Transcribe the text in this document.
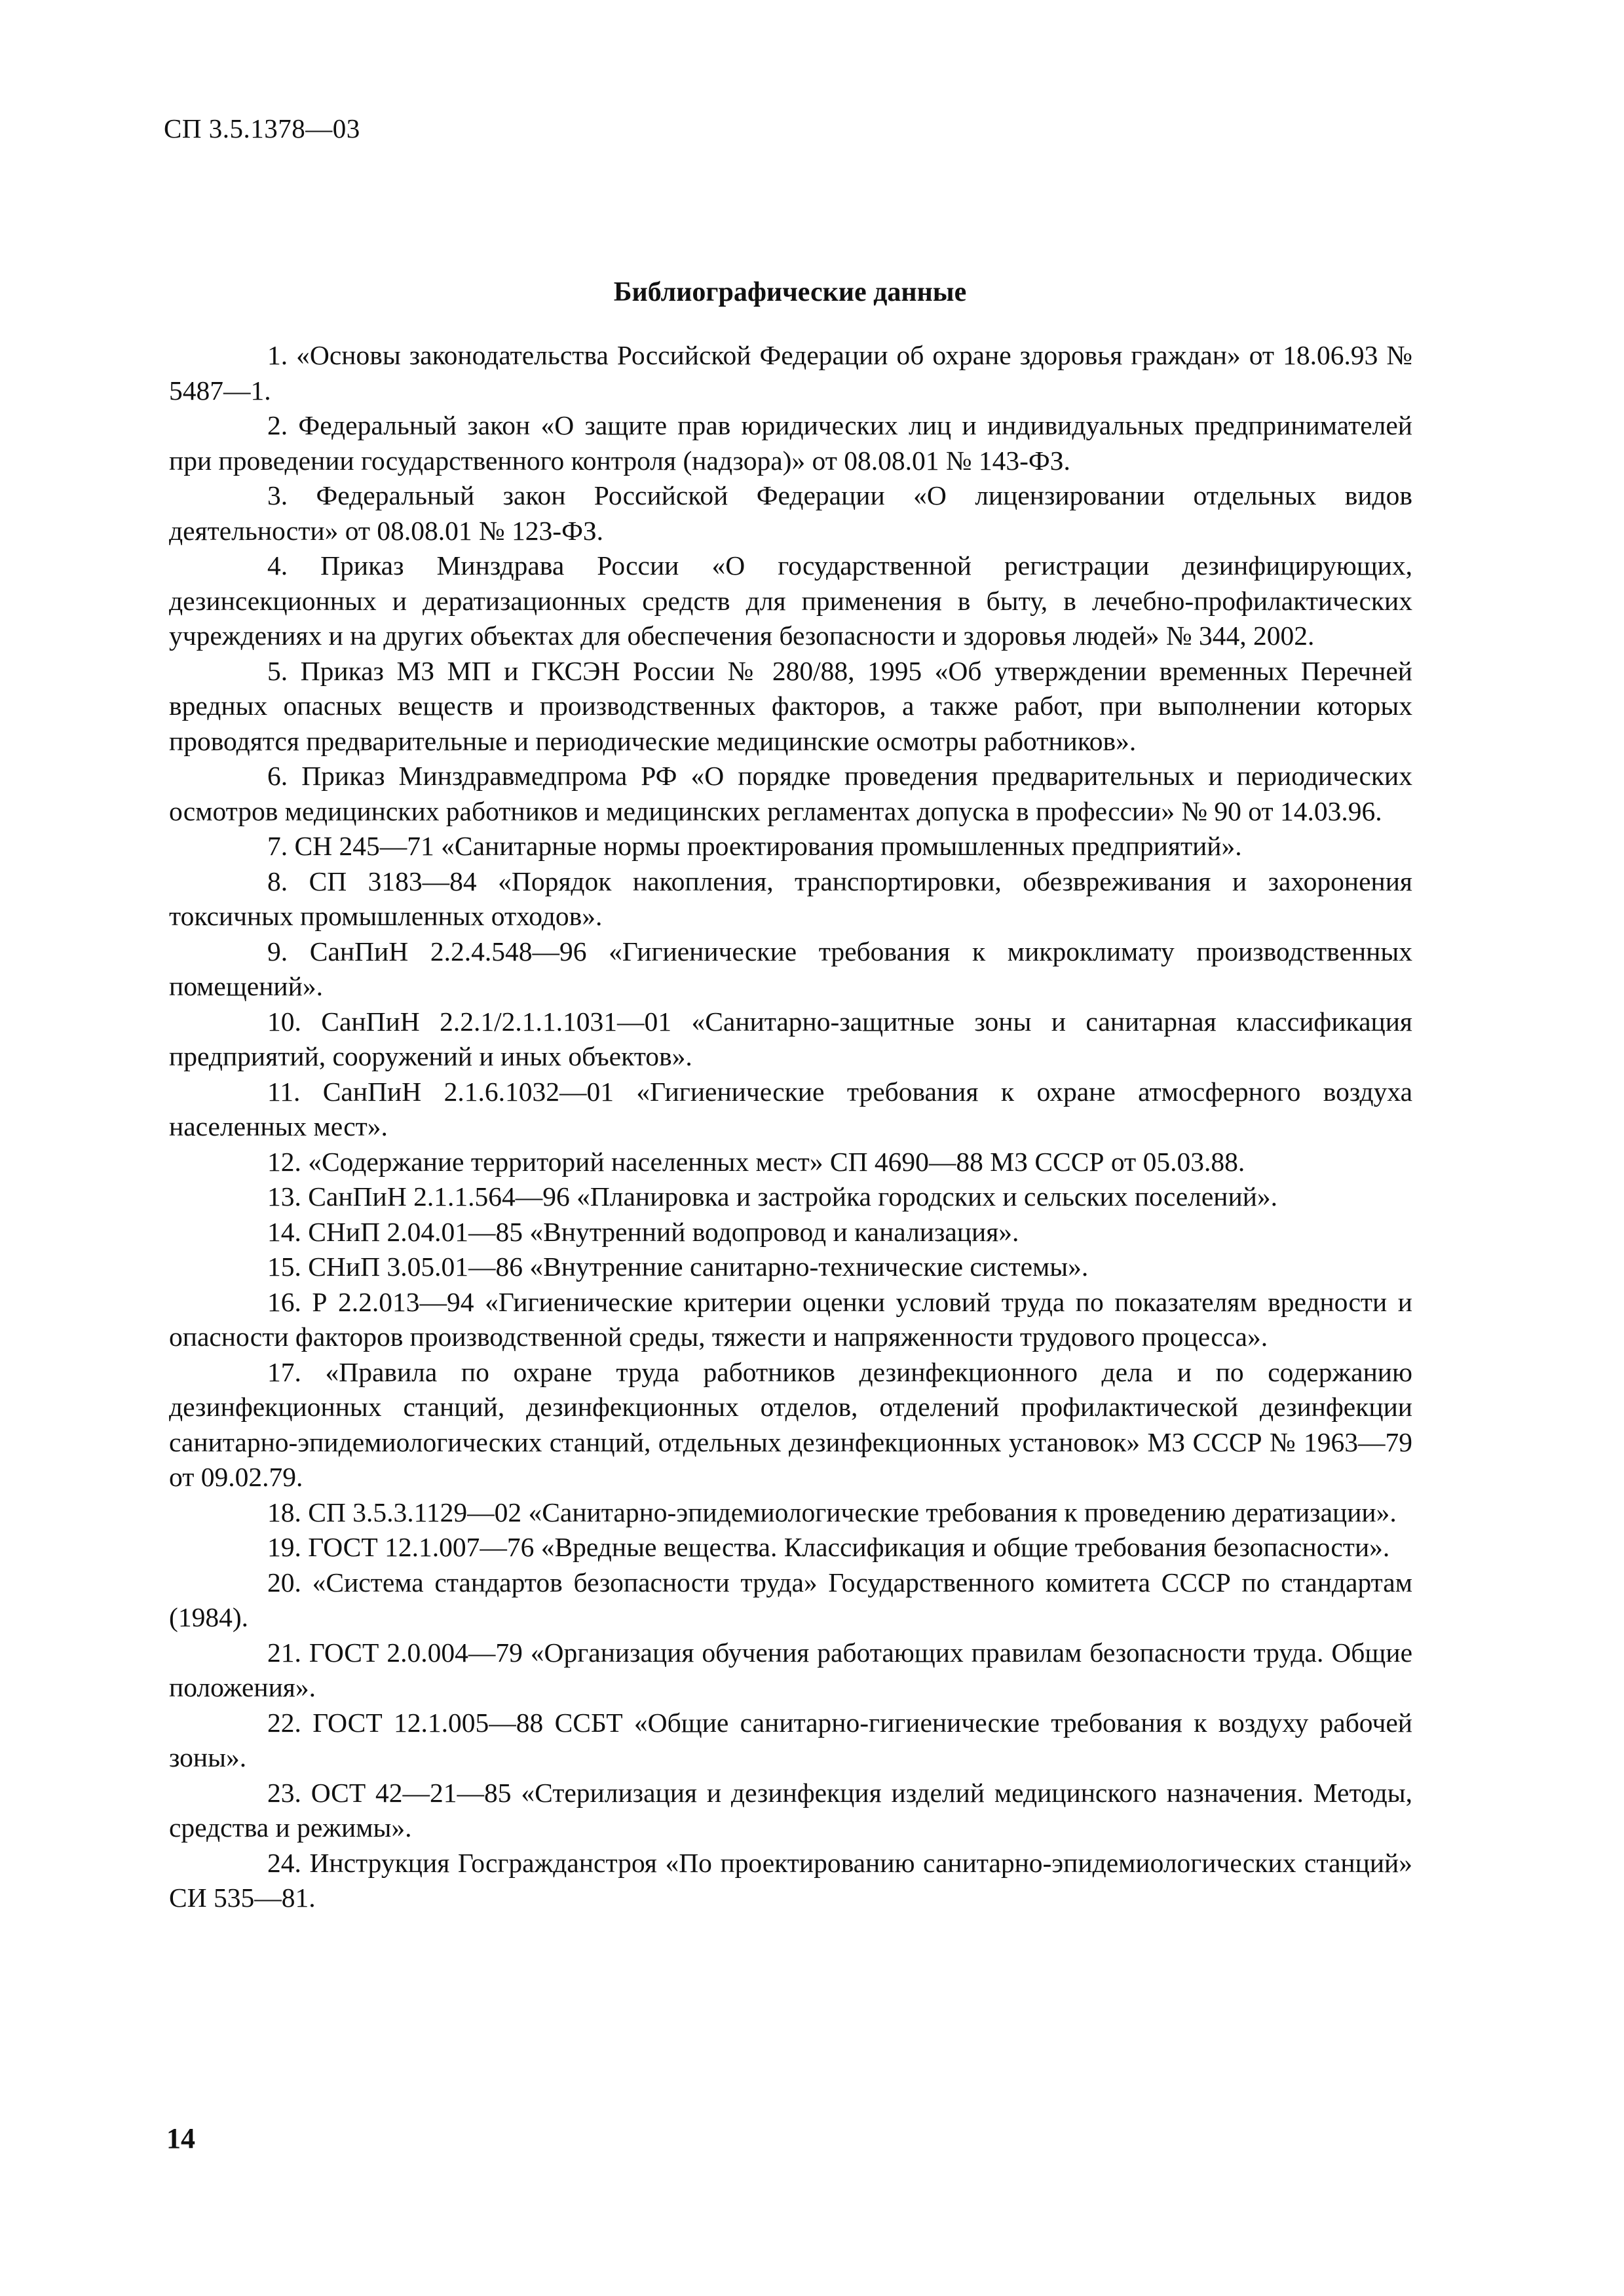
СП 3.5.1378—03
Библиографические данные
1. «Основы законодательства Российской Федерации об охране здоровья граждан» от 18.06.93 № 5487—1.
2. Федеральный закон «О защите прав юридических лиц и индивидуальных предпринимателей при проведении государственного контроля (надзора)» от 08.08.01 № 143-ФЗ.
3. Федеральный закон Российской Федерации «О лицензировании отдельных видов деятельности» от 08.08.01 № 123-ФЗ.
4. Приказ Минздрава России «О государственной регистрации дезинфицирующих, дезинсекционных и дератизационных средств для применения в быту, в лечебно-профилактических учреждениях и на других объектах для обеспечения безопасности и здоровья людей» № 344, 2002.
5. Приказ МЗ МП и ГКСЭН России № 280/88, 1995 «Об утверждении временных Перечней вредных опасных веществ и производственных факторов, а также работ, при выполнении которых проводятся предварительные и периодические медицинские осмотры работников».
6. Приказ Минздравмедпрома РФ «О порядке проведения предварительных и периодических осмотров медицинских работников и медицинских регламентах допуска в профессии» № 90 от 14.03.96.
7. СН 245—71 «Санитарные нормы проектирования промышленных предприятий».
8. СП 3183—84 «Порядок накопления, транспортировки, обезвреживания и захоронения токсичных промышленных отходов».
9. СанПиН 2.2.4.548—96 «Гигиенические требования к микроклимату производственных помещений».
10. СанПиН 2.2.1/2.1.1.1031—01 «Санитарно-защитные зоны и санитарная классификация предприятий, сооружений и иных объектов».
11. СанПиН 2.1.6.1032—01 «Гигиенические требования к охране атмосферного воздуха населенных мест».
12. «Содержание территорий населенных мест» СП 4690—88 МЗ СССР от 05.03.88.
13. СанПиН 2.1.1.564—96 «Планировка и застройка городских и сельских поселений».
14. СНиП 2.04.01—85 «Внутренний водопровод и канализация».
15. СНиП 3.05.01—86 «Внутренние санитарно-технические системы».
16. Р 2.2.013—94 «Гигиенические критерии оценки условий труда по показателям вредности и опасности факторов производственной среды, тяжести и напряженности трудового процесса».
17. «Правила по охране труда работников дезинфекционного дела и по содержанию дезинфекционных станций, дезинфекционных отделов, отделений профилактической дезинфекции санитарно-эпидемиологических станций, отдельных дезинфекционных установок» МЗ СССР № 1963—79 от 09.02.79.
18. СП 3.5.3.1129—02 «Санитарно-эпидемиологические требования к проведению дератизации».
19. ГОСТ 12.1.007—76 «Вредные вещества. Классификация и общие требования безопасности».
20. «Система стандартов безопасности труда» Государственного комитета СССР по стандартам (1984).
21. ГОСТ 2.0.004—79 «Организация обучения работающих правилам безопасности труда. Общие положения».
22. ГОСТ 12.1.005—88 ССБТ «Общие санитарно-гигиенические требования к воздуху рабочей зоны».
23. ОСТ 42—21—85 «Стерилизация и дезинфекция изделий медицинского назначения. Методы, средства и режимы».
24. Инструкция Госгражданстроя «По проектированию санитарно-эпидемиологических станций» СИ 535—81.
14
